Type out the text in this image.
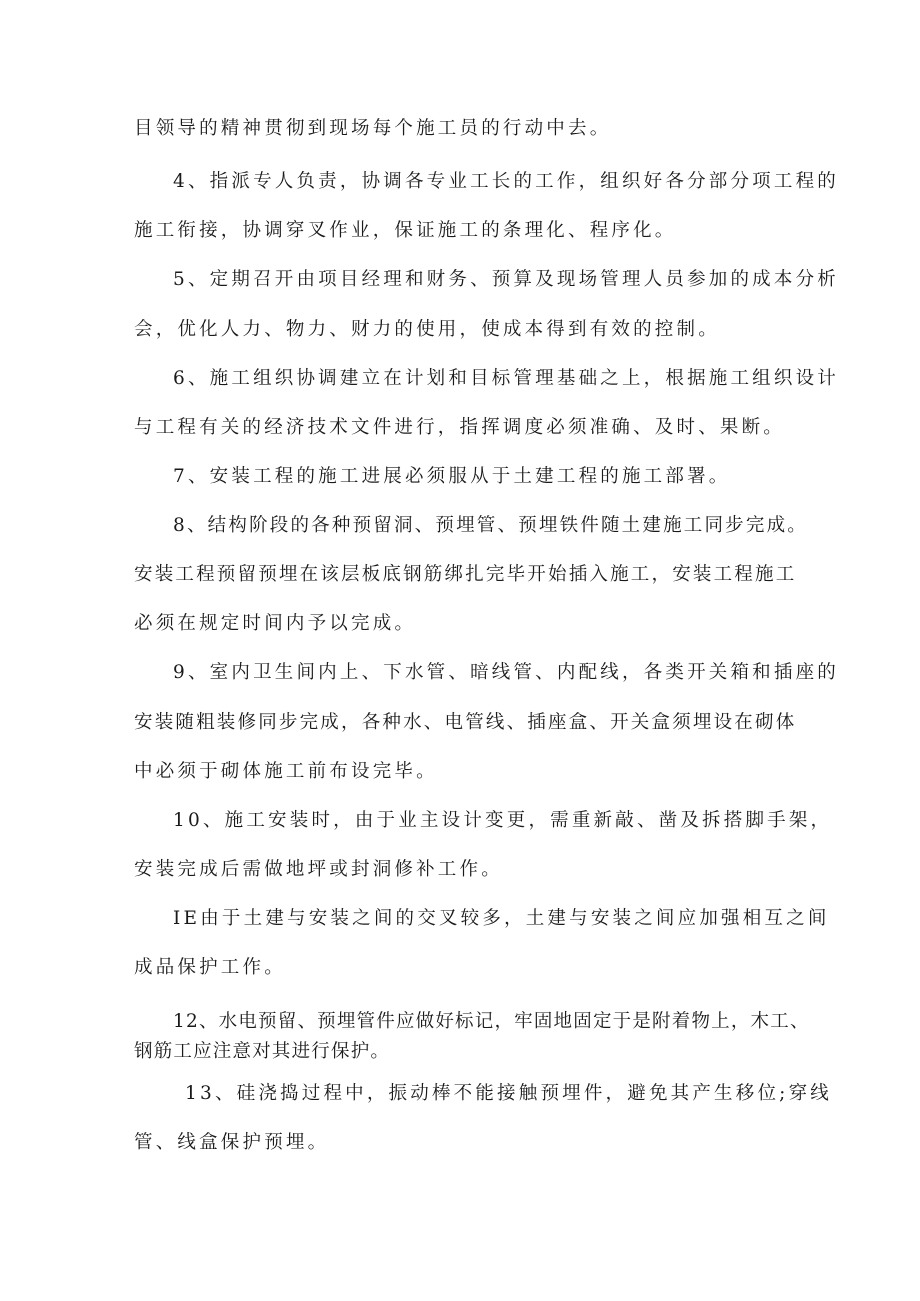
目领导的精神贯彻到现场每个施工员的行动中去。
4、指派专人负责，协调各专业工长的工作，组织好各分部分项工程的
施工衔接，协调穿叉作业，保证施工的条理化、程序化。
5、定期召开由项目经理和财务、预算及现场管理人员参加的成本分析
会，优化人力、物力、财力的使用，使成本得到有效的控制。
6、施工组织协调建立在计划和目标管理基础之上，根据施工组织设计
与工程有关的经济技术文件进行，指挥调度必须准确、及时、果断。
7、安装工程的施工进展必须服从于土建工程的施工部署。
8、结构阶段的各种预留洞、预埋管、预埋铁件随土建施工同步完成。
安装工程预留预埋在该层板底钢筋绑扎完毕开始插入施工，安装工程施工
必须在规定时间内予以完成。
9、室内卫生间内上、下水管、暗线管、内配线，各类开关箱和插座的
安装随粗装修同步完成，各种水、电管线、插座盒、开关盒须埋设在砌体
中必须于砌体施工前布设完毕。
10、施工安装时，由于业主设计变更，需重新敲、凿及拆搭脚手架，
安装完成后需做地坪或封洞修补工作。
IE由于土建与安装之间的交叉较多，土建与安装之间应加强相互之间
成品保护工作。
12、水电预留、预埋管件应做好标记，牢固地固定于是附着物上，木工、
钢筋工应注意对其进行保护。
13、硅浇捣过程中，振动棒不能接触预埋件，避免其产生移位;穿线
管、线盒保护预埋。
